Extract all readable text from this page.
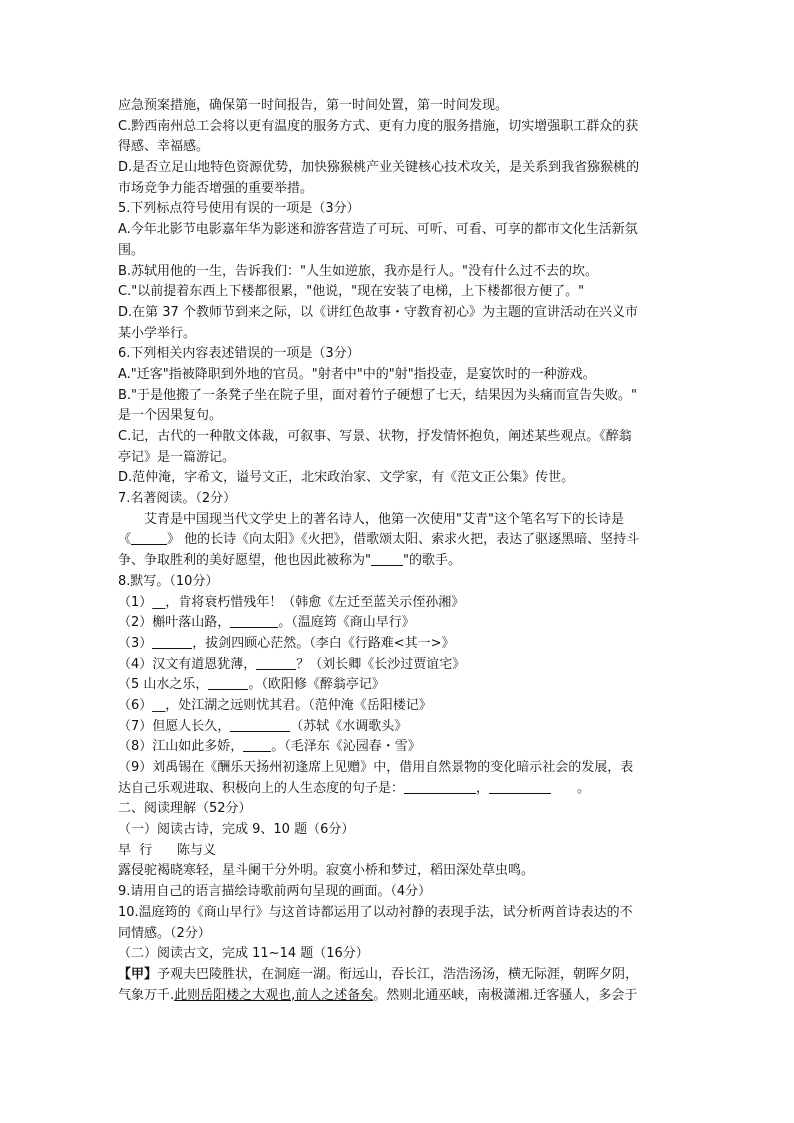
应急预案措施，确保第一时间报告，第一时间处置，第一时间发现。
C.黔西南州总工会将以更有温度的服务方式、更有力度的服务措施，切实增强职工群众的获
得感、幸福感。
D.是否立足山地特色资源优势，加快猕猴桃产业关键核心技术攻关，是关系到我省猕猴桃的
市场竞争力能否增强的重要举措。
5.下列标点符号使用有误的一项是（3分）
A.今年北影节电影嘉年华为影迷和游客营造了可玩、可听、可看、可享的都市文化生活新氛
围。
B.苏轼用他的一生，告诉我们："人生如逆旅，我亦是行人。"没有什么过不去的坎。
C."以前提着东西上下楼都很累，"他说，"现在安装了电梯，上下楼都很方便了。"
D.在第 37 个教师节到来之际，以《讲红色故事・守教育初心》为主题的宣讲活动在兴义市
某小学举行。
6.下列相关内容表述错误的一项是（3分）
A."迁客"指被降职到外地的官员。"射者中"中的"射"指投壶，是宴饮时的一种游戏。
B."于是他搬了一条凳子坐在院子里，面对着竹子硬想了七天，结果因为头痛而宣告失败。"
是一个因果复句。
C.记，古代的一种散文体裁，可叙事、写景、状物，抒发情怀抱负，阐述某些观点。《醉翁
亭记》是一篇游记。
D.范仲淹，字希文，谥号文正，北宋政治家、文学家，有《范文正公集》传世。
7.名著阅读。（2分）
艾青是中国现当代文学史上的著名诗人，他第一次使用"艾青"这个笔名写下的长诗是
《	》 他的长诗《向太阳》《火把》，借歌颂太阳、索求火把，表达了驱逐黑暗、坚持斗
争、争取胜利的美好愿望，他也因此被称为" "的歌手。
8.默写。（10分）
（1）__，肯将衰朽惜残年！（韩愈《左迁至蓝关示侄孙湘》
（2）槲叶落山路，	。（温庭筠《商山早行》
（3）	，拔剑四顾心茫然。（李白《行路难<其一>》
（4）汉文有道恩犹薄，	？（刘长卿《长沙过贾谊宅》
（5 山水之乐，	。（欧阳修《醉翁亭记》
（6）__，处江湖之远则忧其君。（范仲淹《岳阳楼记》
（7）但愿人长久，	（苏轼《水调歌头》
（8）江山如此多娇， 。（毛泽东《沁园春・雪》
（9）刘禹锡在《酬乐天扬州初逢席上见赠》中，借用自然景物的变化暗示社会的发展，表
达自己乐观进取、积极向上的人生态度的句子是：	，	。
二、阅读理解（52分）
（一）阅读古诗，完成 9、10 题（6分）
早  行      陈与义
露侵驼褐晓寒轻，星斗阑干分外明。寂寞小桥和梦过，稻田深处草虫鸣。
9.请用自己的语言描绘诗歌前两句呈现的画面。（4分）
10.温庭筠的《商山早行》与这首诗都运用了以动衬静的表现手法，试分析两首诗表达的不
同情感。（2分）
（二）阅读古文，完成 11~14 题（16分）
【甲】予观夫巴陵胜状，在洞庭一湖。衔远山，吞长江，浩浩汤汤，横无际涯，朝晖夕阴，
气象万千.此则岳阳楼之大观也,前人之述备矣。然则北通巫峡，南极潇湘.迁客骚人，多会于
